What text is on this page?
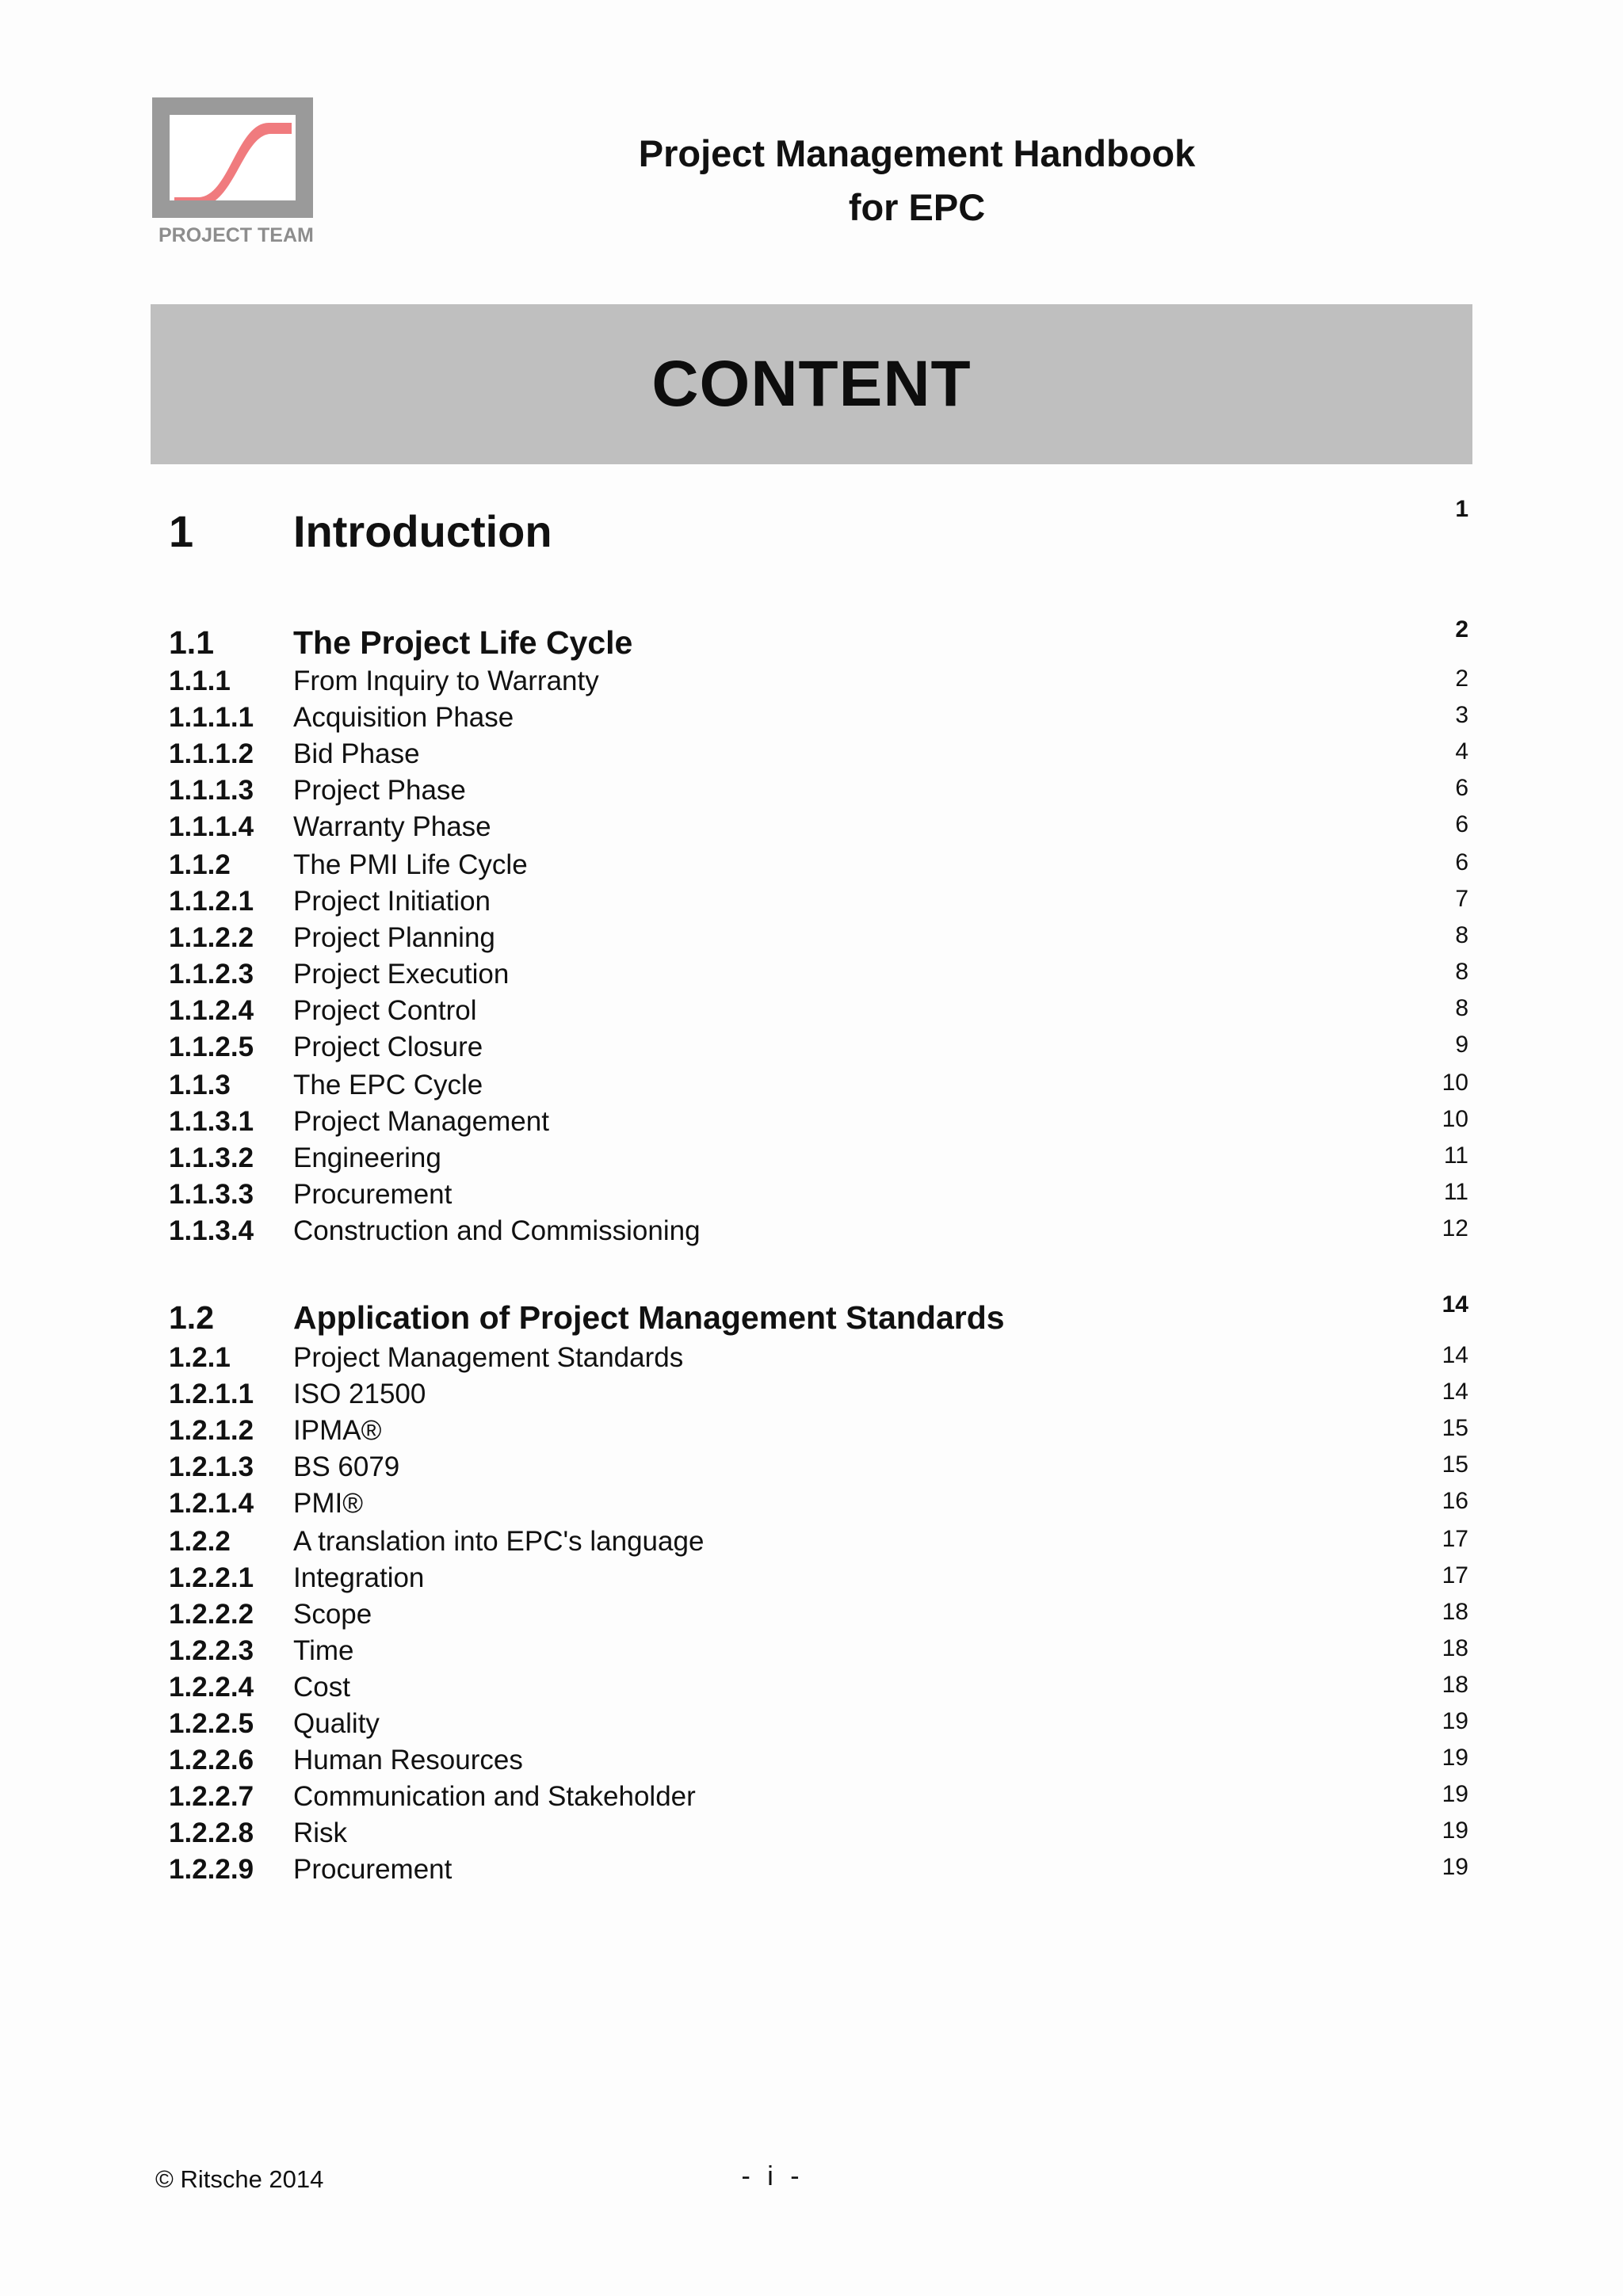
PROJECT TEAM
Project Management Handbook
for EPC
CONTENT
1 Introduction	1
1.1 The Project Life Cycle	2
1.1.1 From Inquiry to Warranty	2
1.1.1.1 Acquisition Phase	3
1.1.1.2 Bid Phase	4
1.1.1.3 Project Phase	6
1.1.1.4 Warranty Phase	6
1.1.2 The PMI Life Cycle	6
1.1.2.1 Project Initiation	7
1.1.2.2 Project Planning	8
1.1.2.3 Project Execution	8
1.1.2.4 Project Control	8
1.1.2.5 Project Closure	9
1.1.3 The EPC Cycle	10
1.1.3.1 Project Management	10
1.1.3.2 Engineering	11
1.1.3.3 Procurement	11
1.1.3.4 Construction and Commissioning	12
1.2 Application of Project Management Standards	14
1.2.1 Project Management Standards	14
1.2.1.1 ISO 21500	14
1.2.1.2 IPMA®	15
1.2.1.3 BS 6079	15
1.2.1.4 PMI®	16
1.2.2 A translation into EPC's language	17
1.2.2.1 Integration	17
1.2.2.2 Scope	18
1.2.2.3 Time	18
1.2.2.4 Cost	18
1.2.2.5 Quality	19
1.2.2.6 Human Resources	19
1.2.2.7 Communication and Stakeholder	19
1.2.2.8 Risk	19
1.2.2.9 Procurement	19
© Ritsche 2014	- i -
